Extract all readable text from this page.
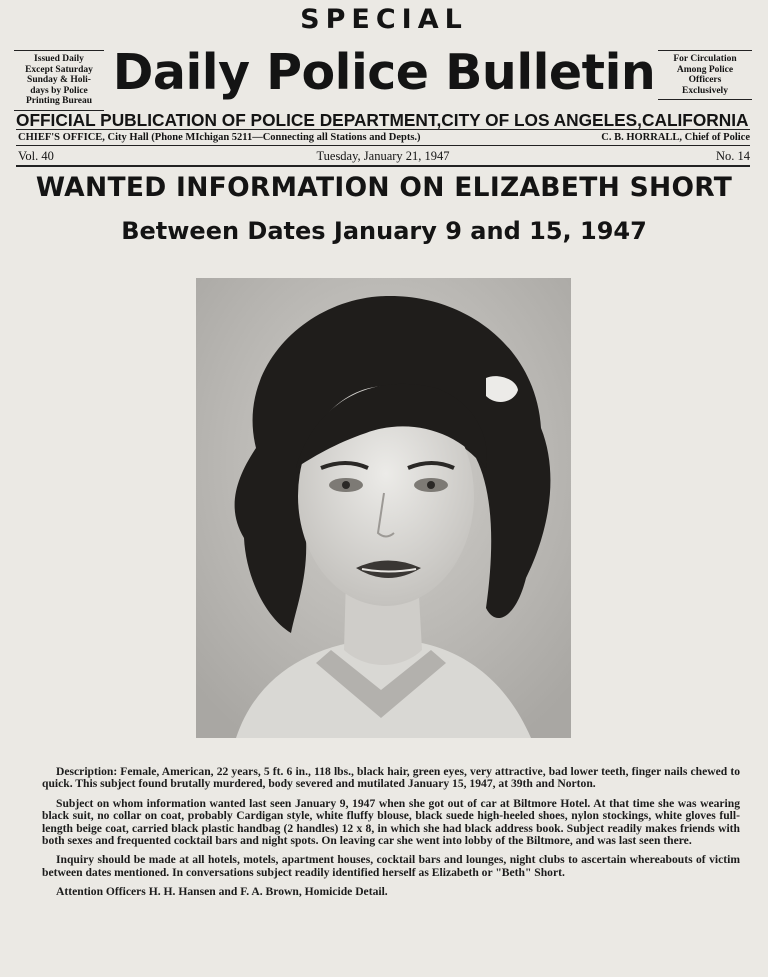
SPECIAL
Issued Daily
Except Saturday
Sunday & Holi-
days by Police
Printing Bureau Daily Police Bulletin	For Circulation
Among Police
Officers
Exclusively
OFFICIAL PUBLICATION OF POLICE DEPARTMENT,CITY OF LOS ANGELES,CALIFORNIA
CHIEF'S OFFICE, City Hall (Phone MIchigan 5211—Connecting all Stations and Depts.)	C. B. HORRALL, Chief of Police
Vol. 40	Tuesday, January 21, 1947	No. 14
WANTED INFORMATION ON ELIZABETH SHORT
Between Dates January 9 and 15, 1947

Description: Female, American, 22 years, 5 ft. 6 in., 118 lbs., black hair, green eyes, very attractive, bad lower teeth, finger nails chewed to quick. This subject found brutally murdered, body severed and mutilated January 15, 1947, at 39th and Norton.

Subject on whom information wanted last seen January 9, 1947 when she got out of car at Biltmore Hotel. At that time she was wearing black suit, no collar on coat, probably Cardigan style, white fluffy blouse, black suede high-heeled shoes, nylon stockings, white gloves full-length beige coat, carried black plastic handbag (2 handles) 12 x 8, in which she had black address book. Subject readily makes friends with both sexes and frequented cocktail bars and night spots. On leaving car she went into lobby of the Biltmore, and was last seen there.

Inquiry should be made at all hotels, motels, apartment houses, cocktail bars and lounges, night clubs to ascertain whereabouts of victim between dates mentioned. In conversations subject readily identified herself as Elizabeth or "Beth" Short.

Attention Officers H. H. Hansen and F. A. Brown, Homicide Detail.
